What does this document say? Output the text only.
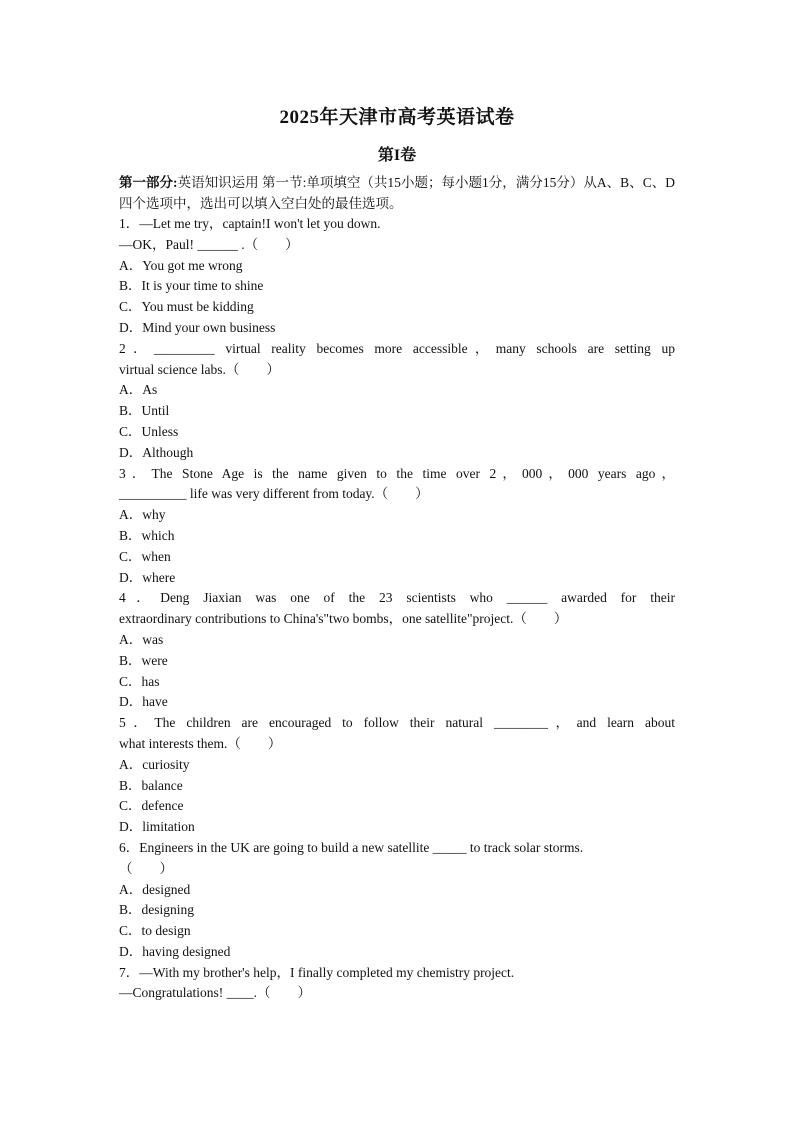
2025年天津市高考英语试卷
第I卷

第一部分:英语知识运用 第一节:单项填空（共15小题；每小题1分，满分15分）从A、B、C、D四个选项中，选出可以填入空白处的最佳选项。

1．—Let me try，captain!I won't let you down.

—OK，Paul! ______ .（　　）

A．You got me wrong

B．It is your time to shine

C．You must be kidding

D．Mind your own business

2．_________ virtual reality becomes more accessible，many schools are setting up

virtual science labs.（　　）

A．As

B．Until

C．Unless

D．Although

3．The Stone Age is the name given to the time over 2，000，000 years ago，

__________ life was very different from today.（　　）

A．why

B．which

C．when

D．where

4．Deng Jiaxian was one of the 23 scientists who ______ awarded for their

extraordinary contributions to China's"two bombs，one satellite"project.（　　）

A．was

B．were

C．has

D．have

5．The children are encouraged to follow their natural ________，and learn about

what interests them.（　　）

A．curiosity

B．balance

C．defence

D．limitation

6．Engineers in the UK are going to build a new satellite _____ to track solar storms.

（　　）

A．designed

B．designing

C．to design

D．having designed

7．—With my brother's help，I finally completed my chemistry project.

—Congratulations! ____.（　　）
